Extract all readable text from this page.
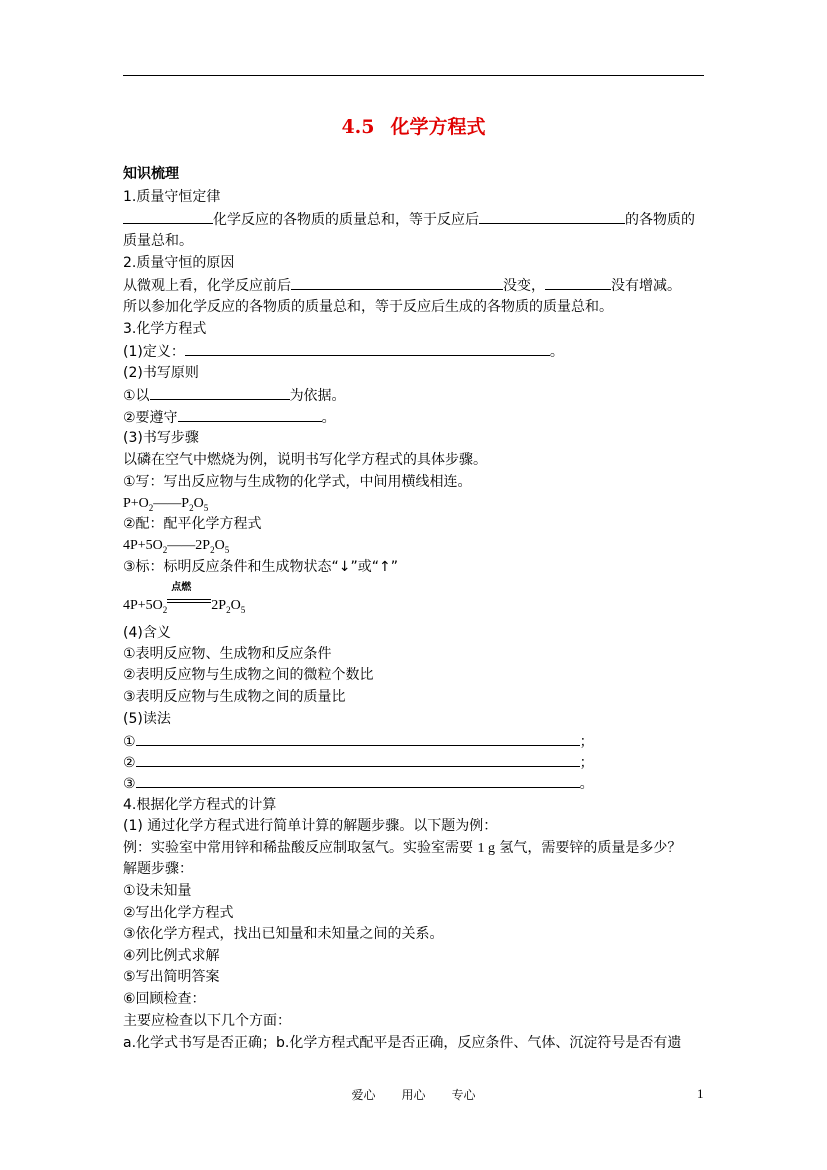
4.5 化学方程式
知识梳理
1.质量守恒定律
化学反应的各物质的质量总和，等于反应后	的各物质的
质量总和。
2.质量守恒的原因
从微观上看，化学反应前后	没变，	没有增减。
所以参加化学反应的各物质的质量总和，等于反应后生成的各物质的质量总和。
3.化学方程式
(1)定义：	。
(2)书写原则
①以	为依据。
②要遵守	。
(3)书写步骤
以磷在空气中燃烧为例，说明书写化学方程式的具体步骤。
①写：写出反应物与生成物的化学式，中间用横线相连。
$P+O_2——P_2O_5$
②配：配平化学方程式
$4P+5O_2——2P_2O_5$
③标：标明反应条件和生成物状态“↓”或“↑”
$4P+5O_2$
点燃
$2P_2O_5$
(4)含义
①表明反应物、生成物和反应条件
②表明反应物与生成物之间的微粒个数比
③表明反应物与生成物之间的质量比
(5)读法
①	；
②	；
③	。
4.根据化学方程式的计算
(1) 通过化学方程式进行简单计算的解题步骤。以下题为例：
例：实验室中常用锌和稀盐酸反应制取氢气。实验室需要 1 g 氢气，需要锌的质量是多少？
解题步骤：
①设未知量
②写出化学方程式
③依化学方程式，找出已知量和未知量之间的关系。
④列比例式求解
⑤写出简明答案
⑥回顾检查：
主要应检查以下几个方面：
a.化学式书写是否正确；b.化学方程式配平是否正确，反应条件、气体、沉淀符号是否有遗
爱心 用心 专心	1
